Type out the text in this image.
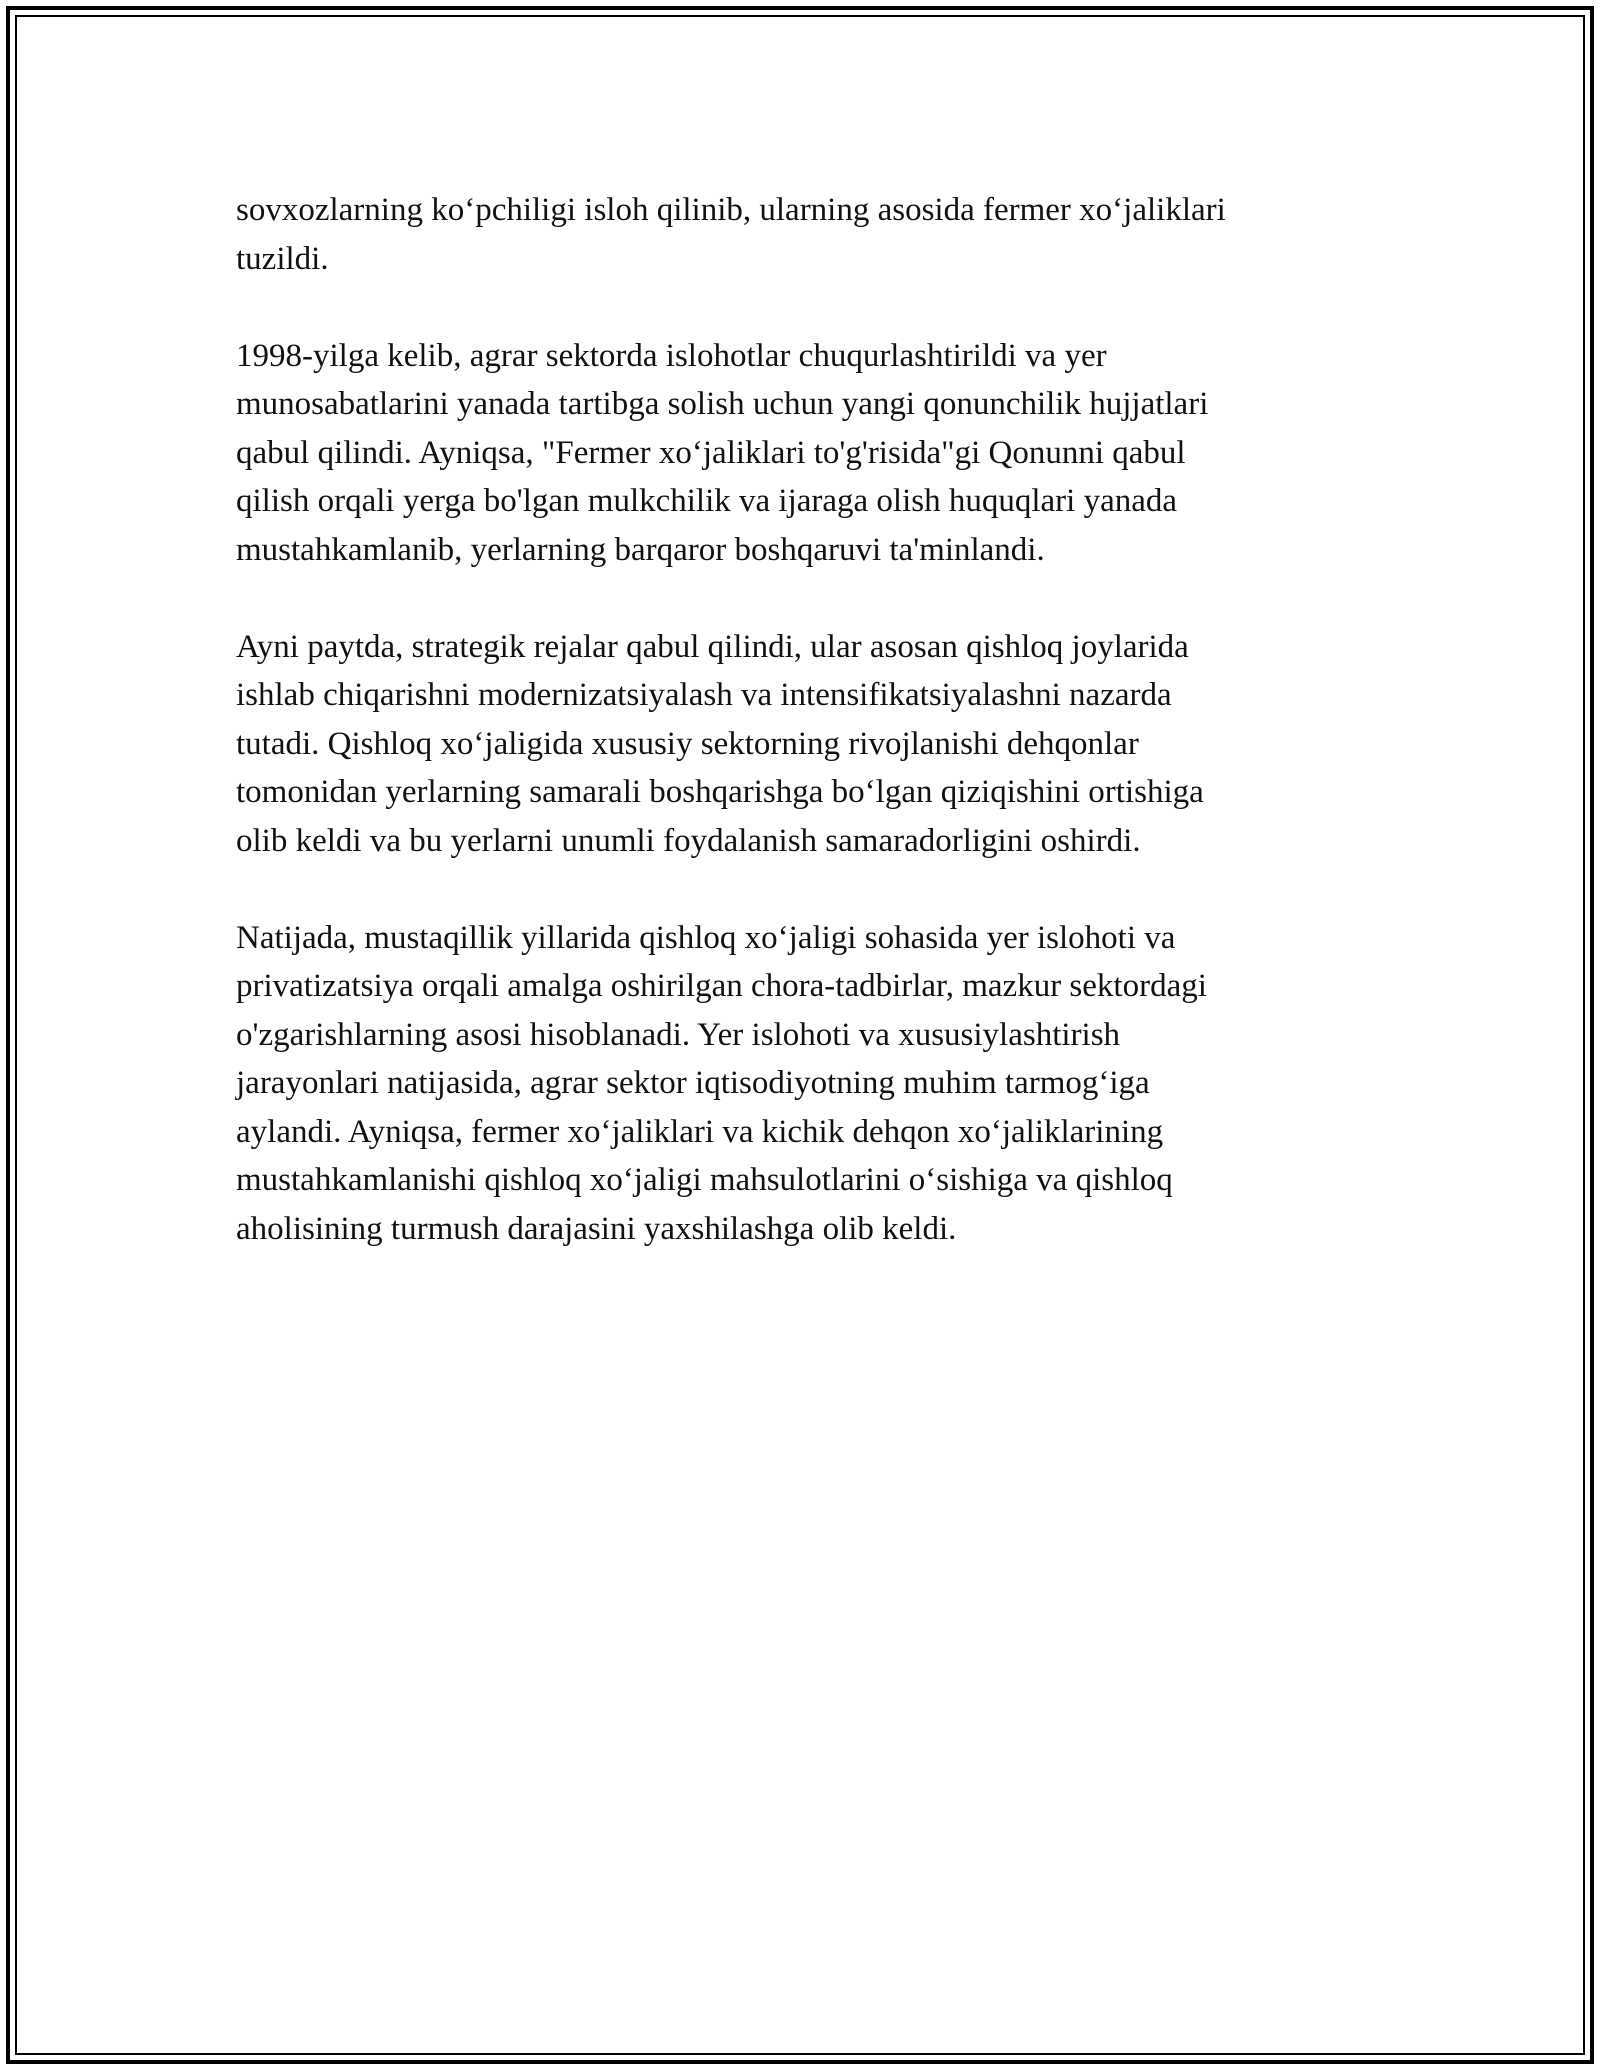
sovxozlarning ko‘pchiligi isloh qilinib, ularning asosida fermer xo‘jaliklari
tuzildi.

1998-yilga kelib, agrar sektorda islohotlar chuqurlashtirildi va yer
munosabatlarini yanada tartibga solish uchun yangi qonunchilik hujjatlari
qabul qilindi. Ayniqsa, "Fermer xo‘jaliklari to'g'risida"gi Qonunni qabul
qilish orqali yerga bo'lgan mulkchilik va ijaraga olish huquqlari yanada
mustahkamlanib, yerlarning barqaror boshqaruvi ta'minlandi.

Ayni paytda, strategik rejalar qabul qilindi, ular asosan qishloq joylarida
ishlab chiqarishni modernizatsiyalash va intensifikatsiyalashni nazarda
tutadi. Qishloq xo‘jaligida xususiy sektorning rivojlanishi dehqonlar
tomonidan yerlarning samarali boshqarishga bo‘lgan qiziqishini ortishiga
olib keldi va bu yerlarni unumli foydalanish samaradorligini oshirdi.

Natijada, mustaqillik yillarida qishloq xo‘jaligi sohasida yer islohoti va
privatizatsiya orqali amalga oshirilgan chora-tadbirlar, mazkur sektordagi
o'zgarishlarning asosi hisoblanadi. Yer islohoti va xususiylashtirish
jarayonlari natijasida, agrar sektor iqtisodiyotning muhim tarmog‘iga
aylandi. Ayniqsa, fermer xo‘jaliklari va kichik dehqon xo‘jaliklarining
mustahkamlanishi qishloq xo‘jaligi mahsulotlarini o‘sishiga va qishloq
aholisining turmush darajasini yaxshilashga olib keldi.
